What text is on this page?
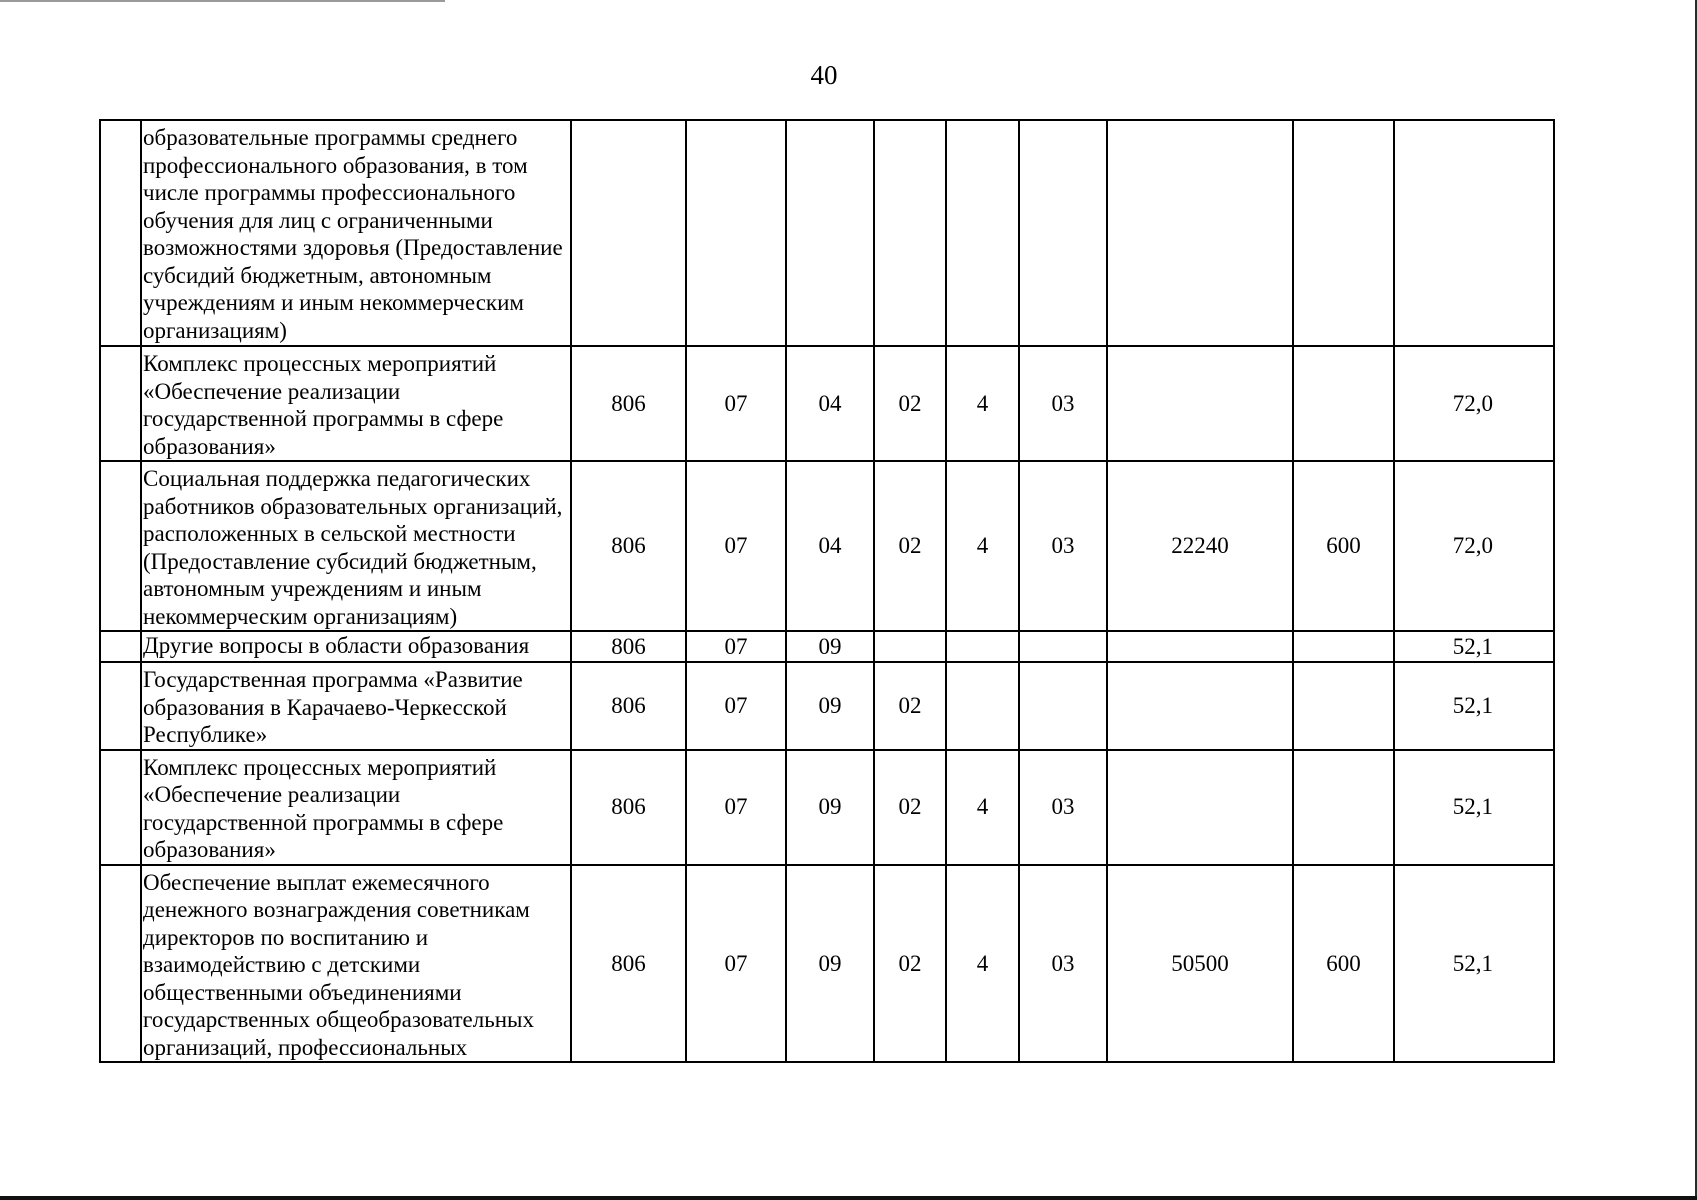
40
	образовательные программы среднего профессионального образования, в том числе программы профессионального обучения для лиц с ограниченными возможностями здоровья (Предоставление субсидий бюджетным, автономным учреждениям и иным некоммерческим организациям)									
	Комплекс процессных мероприятий «Обеспечение реализации государственной программы в сфере образования»	806	07	04	02	4	03			72,0
	Социальная поддержка педагогических работников образовательных организаций, расположенных в сельской местности (Предоставление субсидий бюджетным, автономным учреждениям и иным некоммерческим организациям)	806	07	04	02	4	03	22240	600	72,0
	Другие вопросы в области образования	806	07	09						52,1
	Государственная программа «Развитие образования в Карачаево-Черкесской Республике»	806	07	09	02					52,1
	Комплекс процессных мероприятий «Обеспечение реализации государственной программы в сфере образования»	806	07	09	02	4	03			52,1
	Обеспечение выплат ежемесячного денежного вознаграждения советникам директоров по воспитанию и взаимодействию с детскими общественными объединениями государственных общеобразовательных организаций, профессиональных	806	07	09	02	4	03	50500	600	52,1
